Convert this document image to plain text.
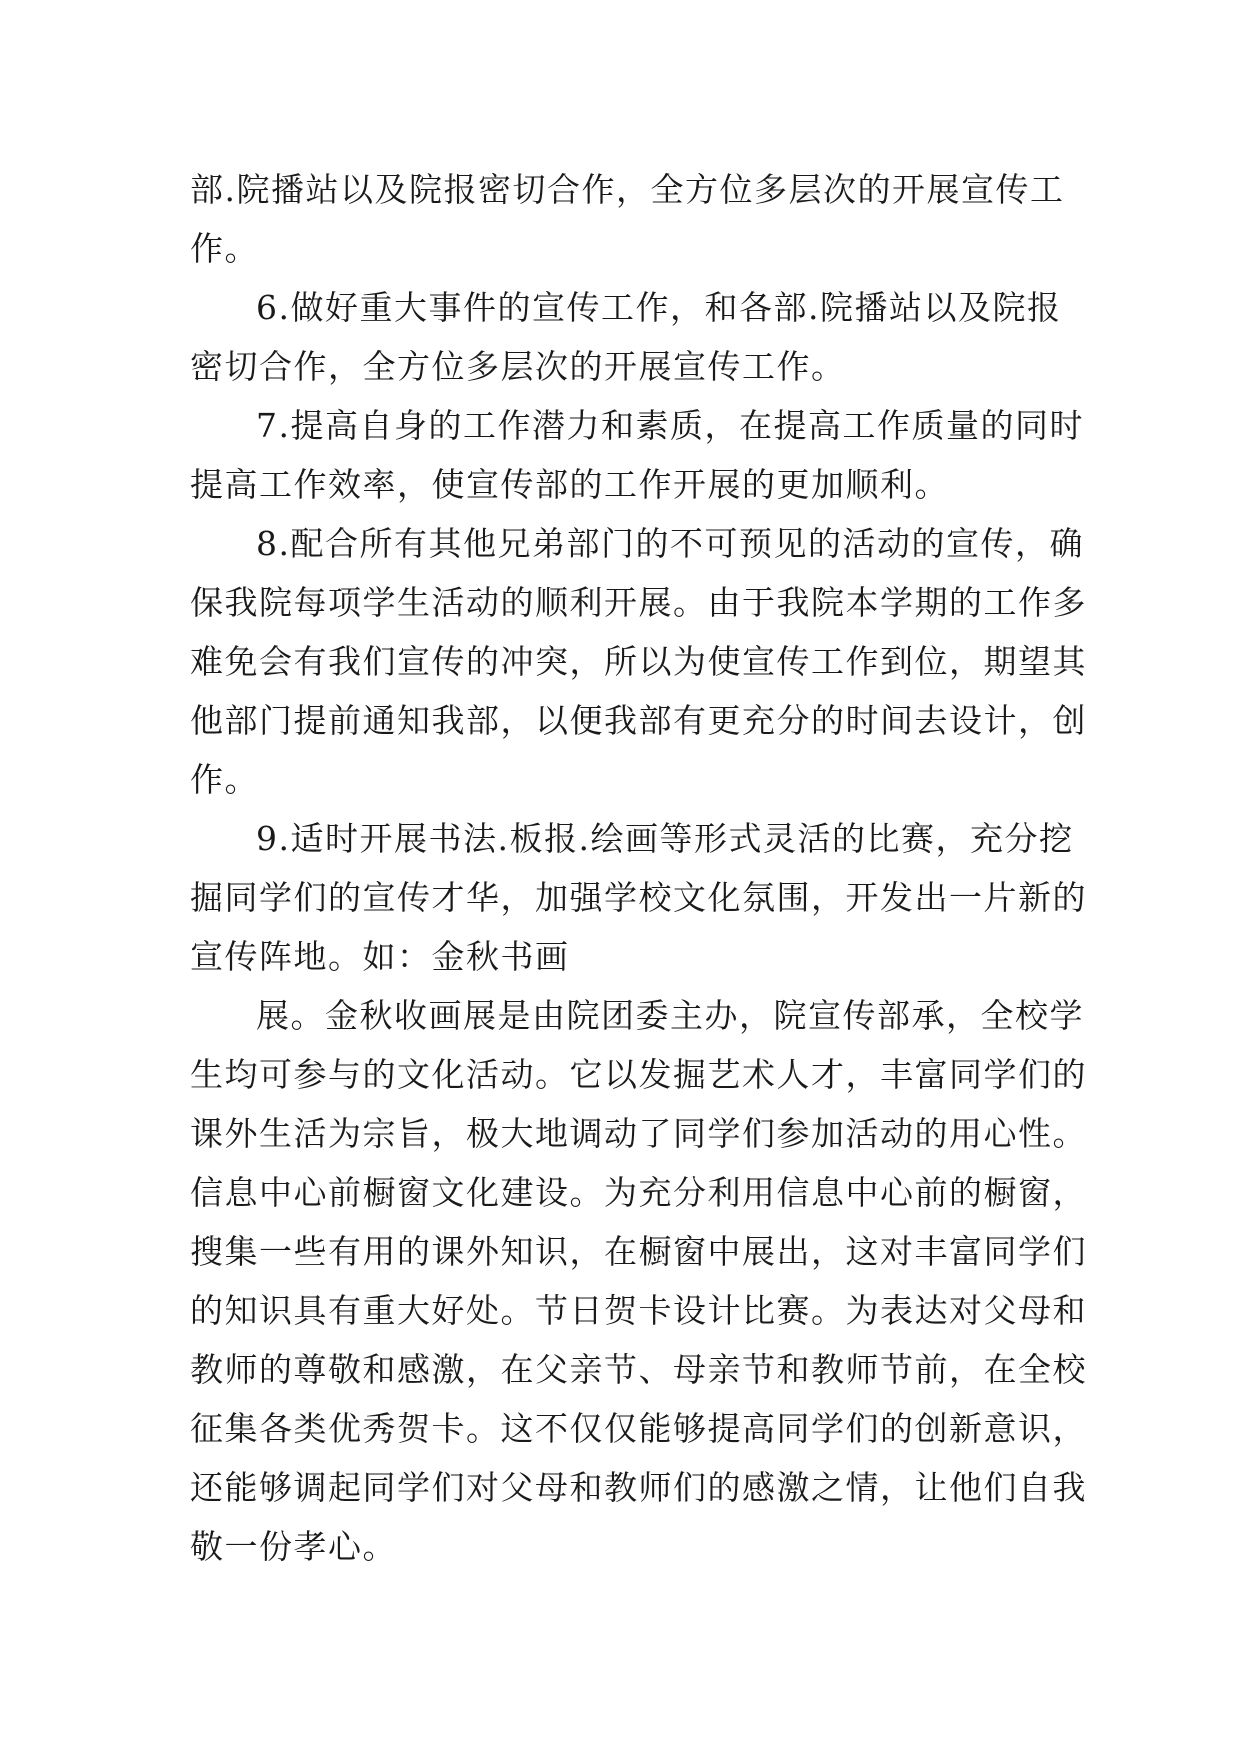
部.院播站以及院报密切合作，全方位多层次的开展宣传工
作。
6.做好重大事件的宣传工作，和各部.院播站以及院报
密切合作，全方位多层次的开展宣传工作。
7.提高自身的工作潜力和素质，在提高工作质量的同时
提高工作效率，使宣传部的工作开展的更加顺利。
8.配合所有其他兄弟部门的不可预见的活动的宣传，确
保我院每项学生活动的顺利开展。由于我院本学期的工作多
难免会有我们宣传的冲突，所以为使宣传工作到位，期望其
他部门提前通知我部，以便我部有更充分的时间去设计，创
作。
9.适时开展书法.板报.绘画等形式灵活的比赛，充分挖
掘同学们的宣传才华，加强学校文化氛围，开发出一片新的
宣传阵地。如：金秋书画
展。金秋收画展是由院团委主办，院宣传部承，全校学
生均可参与的文化活动。它以发掘艺术人才，丰富同学们的
课外生活为宗旨，极大地调动了同学们参加活动的用心性。
信息中心前橱窗文化建设。为充分利用信息中心前的橱窗，
搜集一些有用的课外知识，在橱窗中展出，这对丰富同学们
的知识具有重大好处。节日贺卡设计比赛。为表达对父母和
教师的尊敬和感激，在父亲节、母亲节和教师节前，在全校
征集各类优秀贺卡。这不仅仅能够提高同学们的创新意识，
还能够调起同学们对父母和教师们的感激之情，让他们自我
敬一份孝心。
